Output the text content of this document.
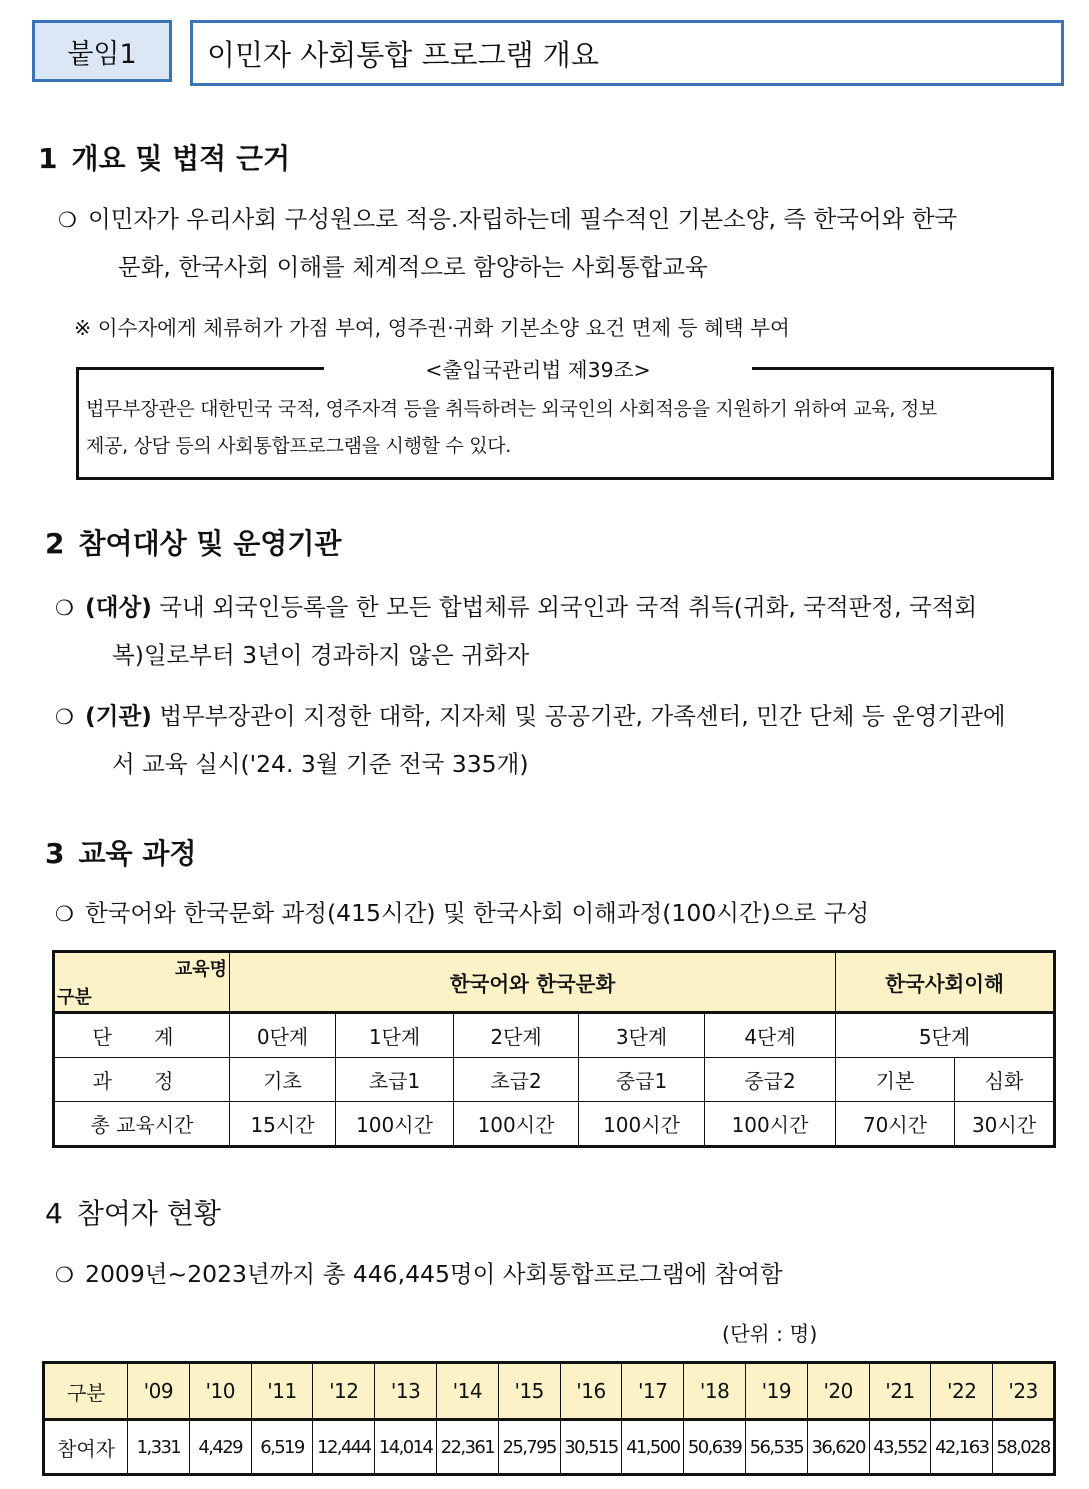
붙임1 이민자 사회통합 프로그램 개요
1 개요 및 법적 근거
❍ 이민자가 우리사회 구성원으로 적응.자립하는데 필수적인 기본소양, 즉 한국어와 한국
문화, 한국사회 이해를 체계적으로 함양하는 사회통합교육
※ 이수자에게 체류허가 가점 부여, 영주권·귀화 기본소양 요건 면제 등 혜택 부여
<출입국관리법 제39조>
법무부장관은 대한민국 국적, 영주자격 등을 취득하려는 외국인의 사회적응을 지원하기 위하여 교육, 정보
제공, 상담 등의 사회통합프로그램을 시행할 수 있다.
2 참여대상 및 운영기관
❍ (대상) 국내 외국인등록을 한 모든 합법체류 외국인과 국적 취득(귀화, 국적판정, 국적회
복)일로부터 3년이 경과하지 않은 귀화자
❍ (기관) 법무부장관이 지정한 대학, 지자체 및 공공기관, 가족센터, 민간 단체 등 운영기관에
서 교육 실시('24. 3월 기준 전국 335개)
3 교육 과정
❍ 한국어와 한국문화 과정(415시간) 및 한국사회 이해과정(100시간)으로 구성
교육명
구분	한국어와 한국문화					한국사회이해	
단 계	0단계	1단계	2단계	3단계	4단계	5단계	
과 정	기초	초급1	초급2	중급1	중급2	기본	심화
총 교육시간	15시간	100시간	100시간	100시간	100시간	70시간	30시간
4 참여자 현황
❍ 2009년~2023년까지 총 446,445명이 사회통합프로그램에 참여함
(단위 : 명)
구분	'09	'10	'11	'12	'13	'14	'15	'16	'17	'18	'19	'20	'21	'22	'23
참여자	1,331	4,429	6,519	12,444	14,014	22,361	25,795	30,515	41,500	50,639	56,535	36,620	43,552	42,163	58,028
